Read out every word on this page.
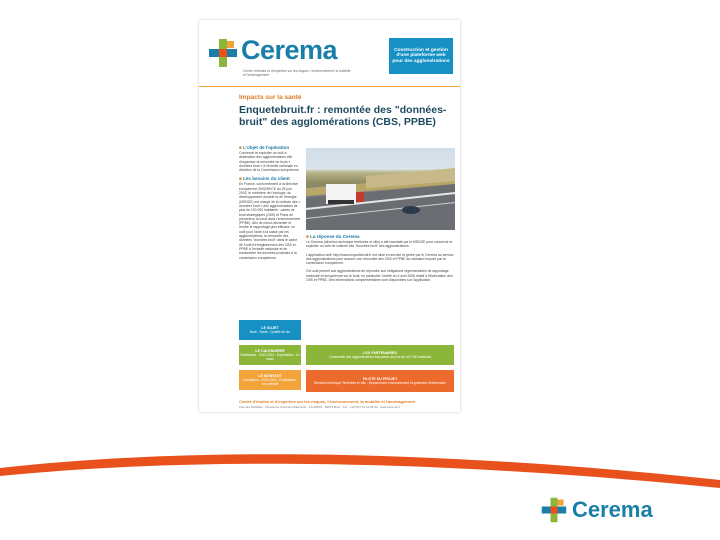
Cerema
Centre d'études et d'expertise sur les risques, l'environnement, la mobilité et l'aménagement
Construction et gestion d'une plateforme web pour des agglomérations
Impacts sur la santé
Enquetebruit.fr : remontée des "données- bruit" des agglomérations (CBS, PPBE)
■ L'objet de l'opération
Concevoir et exploiter un outil à destination des agglomérations afin d'organiser la remontée de leurs « données bruit » à l'échelle nationale en direction de la Commission européenne.
■ Les besoins du client
En France, conformément à la directive européenne 2002/49/CE du 25 juin 2002, le ministère de l'écologie, du développement durable et de l'énergie (MEDDE) est chargé de la collecte des « données bruit » des agglomérations de plus de 100 000 habitants : cartes de bruit stratégiques (CBS) et Plans de prévention du bruit dans l'environnement (PPBE). Afin de mieux alimenter et rendre le rapportage plus efficace, un outil pour l'aide à la saisie par les agglomérations, la remontée des données "données bruit" dans le cadre de l'outil d'enregistrement des CBS et PPBE à l'échelle nationale et de transmettre les données produites à la commission européenne.
■ La réponse du Cerema
Le Cerema (direction technique territoires et ville) a été mandaté par le MEDDE pour concevoir et exploiter un outil de collecte des "données bruit" des agglomérations.
L'application web http://www.enquetebruit.fr est mise en service et gérée par le Cerema au service des agglomérations pour assurer une remontée des CBS et PPBE au standard imposé par la commission européenne.
Cet outil permet aux agglomérations de répondre aux obligations réglementaires de rapportage nationale et européenne sur le bruit, en particulier l'arrêté du 4 avril 2006 relatif à l'élaboration des CBS et PPBE. Des informations complémentaires sont disponibles sur l'application.
LE SUJET
Bruit - Santé - Qualité de vie
LE CALENDRIER
Réalisation : 2013-2014 - Exploitation : en cours
LE MONTANT
Conception : 2013-2014 - Exploitation : non précisé
LES PARTENAIRES
L'ensemble des agglomérations françaises de plus de 100 000 habitants
PILOTE DU PROJET
Direction technique Territoires et ville - Département environnement et systèmes d'information
Centre d'études et d'expertise sur les risques, l'environnement, la mobilité et l'aménagement
Cité des Mobilités - 25 avenue François Mitterrand - CS 92803 - 69674 Bron - Tél : +33 (0)4 72 14 30 30 - www.cerema.fr
Cerema
